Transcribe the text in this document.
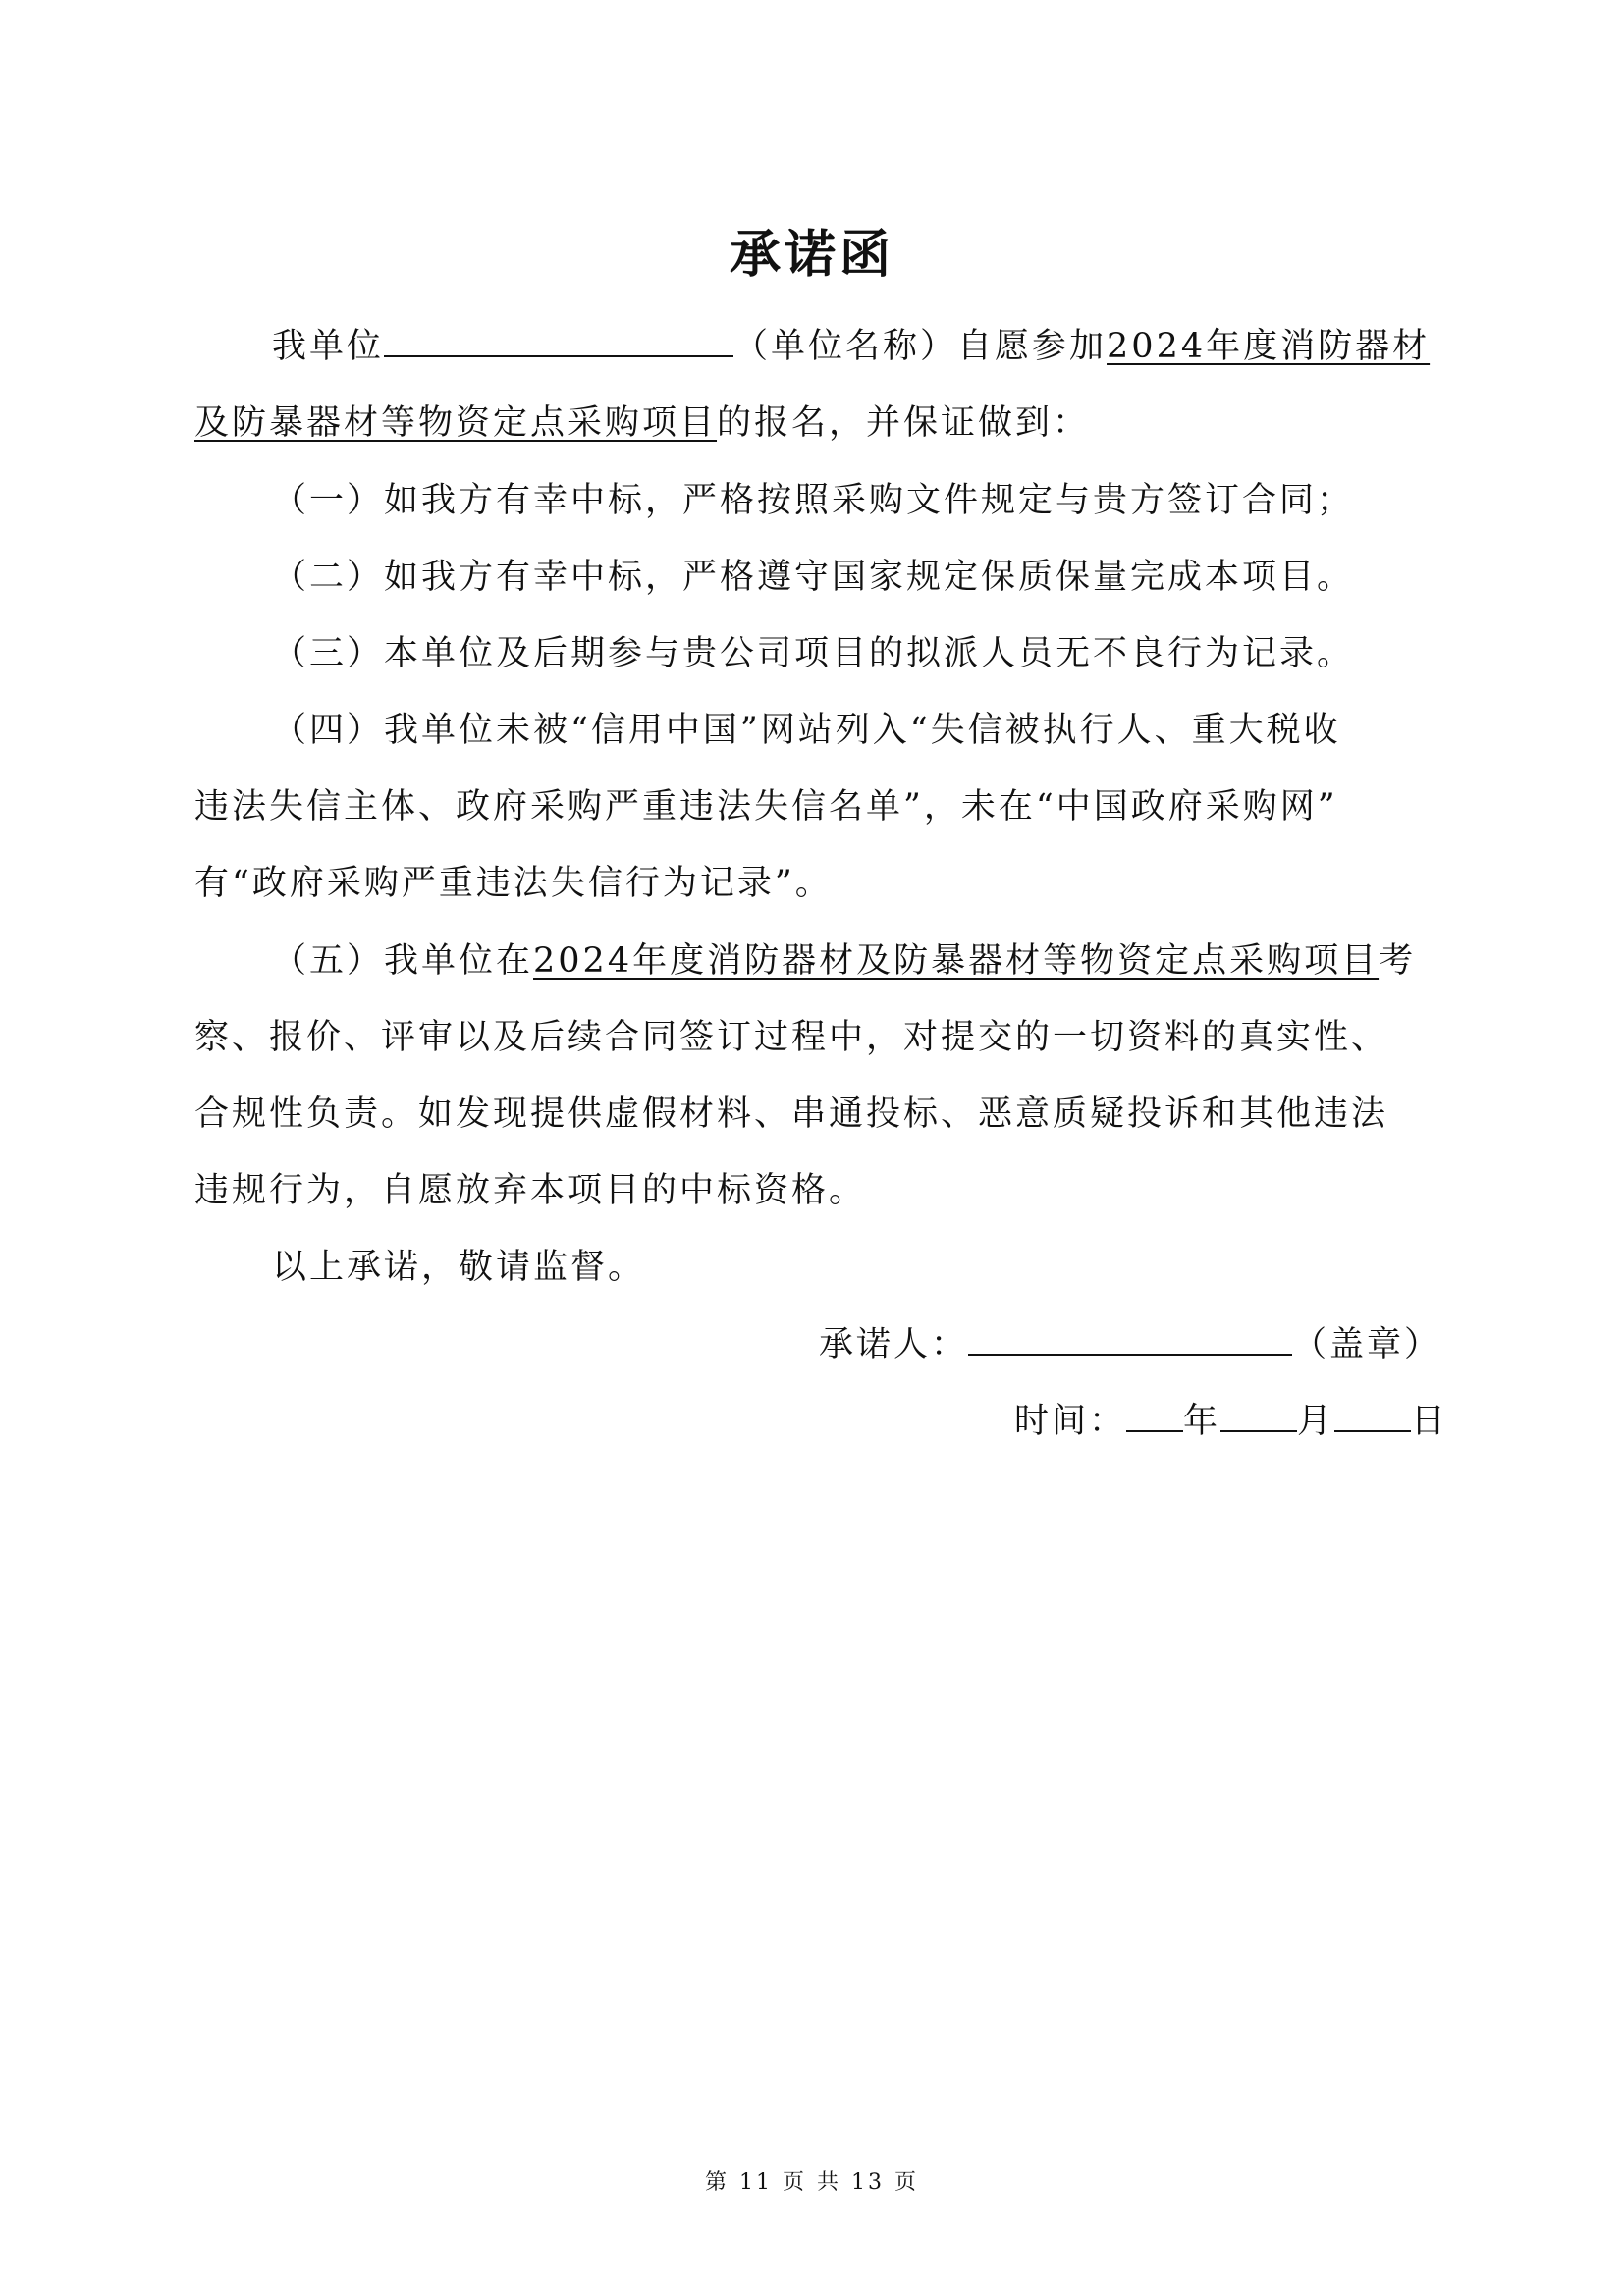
承诺函
我单位	（单位名称）自愿参加2024年度消防器材
及防暴器材等物资定点采购项目的报名，并保证做到：
（一）如我方有幸中标，严格按照采购文件规定与贵方签订合同；
（二）如我方有幸中标，严格遵守国家规定保质保量完成本项目。
（三）本单位及后期参与贵公司项目的拟派人员无不良行为记录。
（四）我单位未被“信用中国”网站列入“失信被执行人、重大税收
违法失信主体、政府采购严重违法失信名单”，未在“中国政府采购网”
有“政府采购严重违法失信行为记录”。
（五）我单位在2024年度消防器材及防暴器材等物资定点采购项目考
察、报价、评审以及后续合同签订过程中，对提交的一切资料的真实性、
合规性负责。如发现提供虚假材料、串通投标、恶意质疑投诉和其他违法
违规行为，自愿放弃本项目的中标资格。
以上承诺，敬请监督。
承诺人：	（盖章）
时间： 年 月 日
第 11 页 共 13 页
